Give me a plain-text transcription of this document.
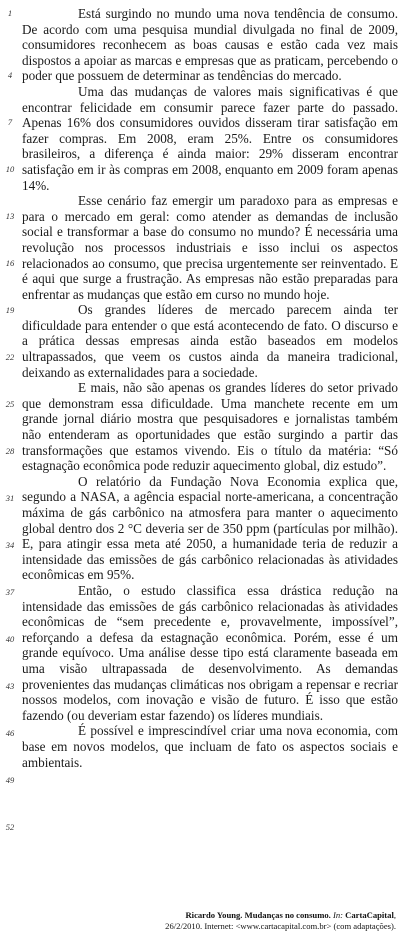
1
4
7
10
13
16
19
22
25
28
31
34
37
40
43
46
49
52

Está surgindo no mundo uma nova tendência de consumo. De acordo com uma pesquisa mundial divulgada no final de 2009, consumidores reconhecem as boas causas e estão cada vez mais dispostos a apoiar as marcas e empresas que as praticam, percebendo o poder que possuem de determinar as tendências do mercado.

Uma das mudanças de valores mais significativas é que encontrar felicidade em consumir parece fazer parte do passado. Apenas 16% dos consumidores ouvidos disseram tirar satisfação em fazer compras. Em 2008, eram 25%. Entre os consumidores brasileiros, a diferença é ainda maior: 29% disseram encontrar satisfação em ir às compras em 2008, enquanto em 2009 foram apenas 14%.

Esse cenário faz emergir um paradoxo para as empresas e para o mercado em geral: como atender as demandas de inclusão social e transformar a base do consumo no mundo? É necessária uma revolução nos processos industriais e isso inclui os aspectos relacionados ao consumo, que precisa urgentemente ser reinventado. E é aqui que surge a frustração. As empresas não estão preparadas para enfrentar as mudanças que estão em curso no mundo hoje.

Os grandes líderes de mercado parecem ainda ter dificuldade para entender o que está acontecendo de fato. O discurso e a prática dessas empresas ainda estão baseados em modelos ultrapassados, que veem os custos ainda da maneira tradicional, deixando as externalidades para a sociedade.

E mais, não são apenas os grandes líderes do setor privado que demonstram essa dificuldade. Uma manchete recente em um grande jornal diário mostra que pesquisadores e jornalistas também não entenderam as oportunidades que estão surgindo a partir das transformações que estamos vivendo. Eis o título da matéria: “Só estagnação econômica pode reduzir aquecimento global, diz estudo”.

O relatório da Fundação Nova Economia explica que, segundo a NASA, a agência espacial norte-americana, a concentração máxima de gás carbônico na atmosfera para manter o aquecimento global dentro dos 2 °C deveria ser de 350 ppm (partículas por milhão). E, para atingir essa meta até 2050, a humanidade teria de reduzir a intensidade das emissões de gás carbônico relacionadas às atividades econômicas em 95%.

Então, o estudo classifica essa drástica redução na intensidade das emissões de gás carbônico relacionadas às atividades econômicas de “sem precedente e, provavelmente, impossível”, reforçando a defesa da estagnação econômica. Porém, esse é um grande equívoco. Uma análise desse tipo está claramente baseada em uma visão ultrapassada de desenvolvimento. As demandas provenientes das mudanças climáticas nos obrigam a repensar e recriar nossos modelos, com inovação e visão de futuro. É isso que estão fazendo (ou deveriam estar fazendo) os líderes mundiais.

É possível e imprescindível criar uma nova economia, com base em novos modelos, que incluam de fato os aspectos sociais e ambientais.

Ricardo Young. Mudanças no consumo. In: CartaCapital,
26/2/2010. Internet: <www.cartacapital.com.br> (com adaptações).
